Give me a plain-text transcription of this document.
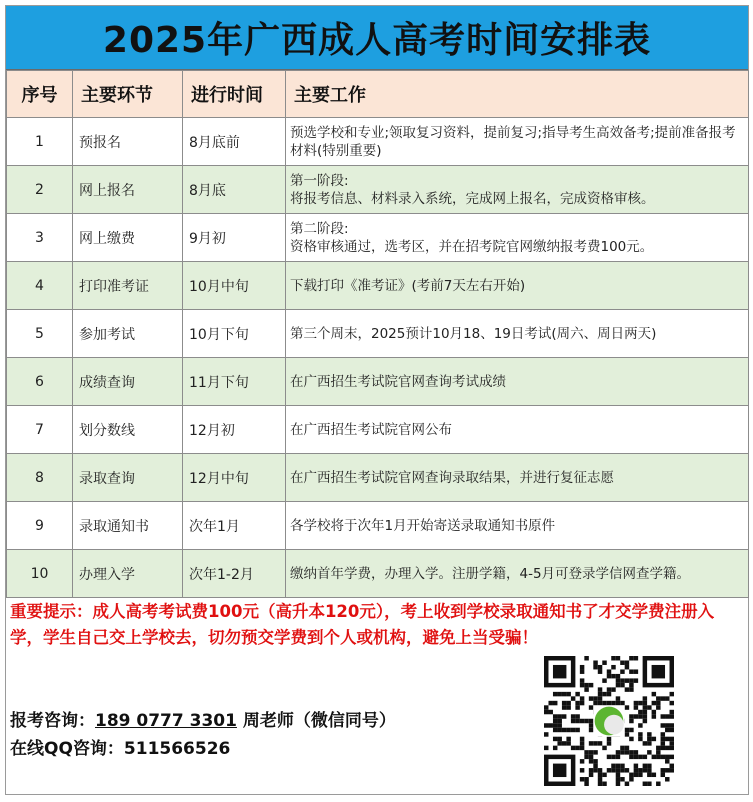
2025年广西成人高考时间安排表
序号	主要环节	进行时间	主要工作
1	预报名	8月底前	预选学校和专业;领取复习资料，提前复习;指导考生高效备考;提前准备报考材料(特别重要)
2	网上报名	8月底	第一阶段:
将报考信息、材料录入系统，完成网上报名，完成资格审核。
3	网上缴费	9月初	第二阶段:
资格审核通过，选考区，并在招考院官网缴纳报考费100元。
4	打印准考证	10月中旬	下载打印《准考证》(考前7天左右开始)
5	参加考试	10月下旬	第三个周末，2025预计10月18、19日考试(周六、周日两天)
6	成绩查询	11月下旬	在广西招生考试院官网查询考试成绩
7	划分数线	12月初	在广西招生考试院官网公布
8	录取查询	12月中旬	在广西招生考试院官网查询录取结果，并进行复征志愿
9	录取通知书	次年1月	各学校将于次年1月开始寄送录取通知书原件
10	办理入学	次年1-2月	缴纳首年学费，办理入学。注册学籍，4-5月可登录学信网查学籍。
重要提示：成人高考考试费100元（高升本120元），考上收到学校录取通知书了才交学费注册入学，学生自己交上学校去，切勿预交学费到个人或机构，避免上当受骗！
报考咨询：189 0777 3301 周老师（微信同号）
在线QQ咨询：511566526
